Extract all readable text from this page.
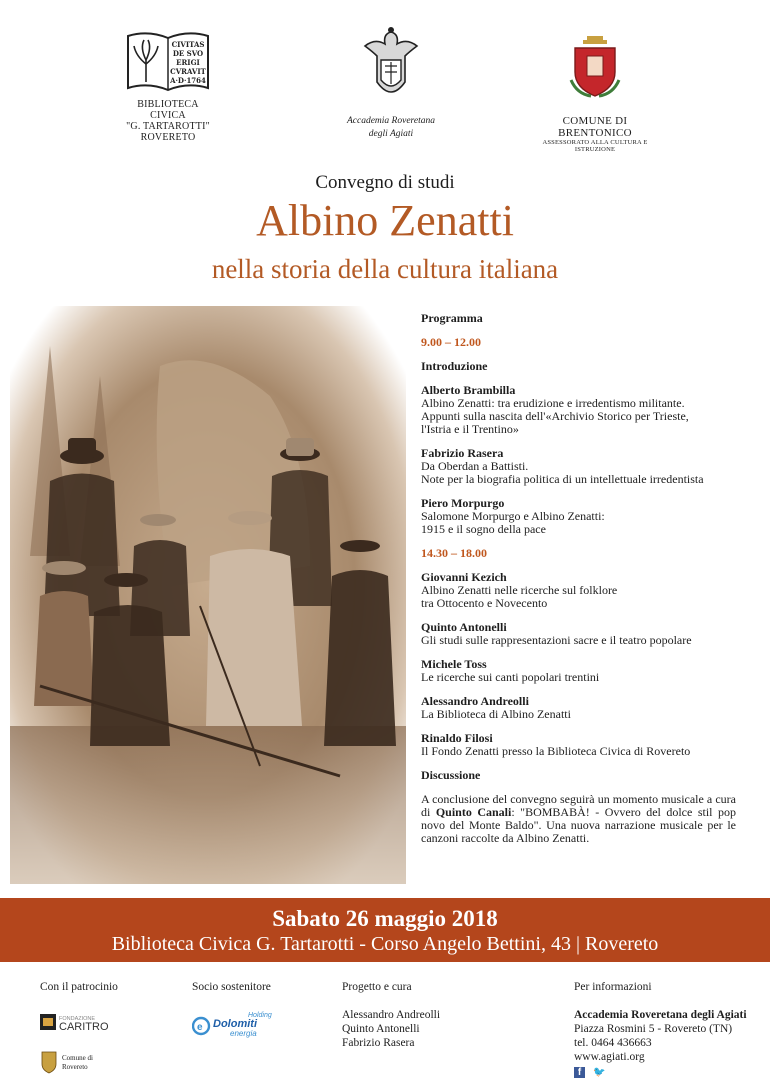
CIVITAS
DE SVO
ERIGI
CVRAVIT
A·D·1764
BIBLIOTECA CIVICA
"G. TARTAROTTI"
ROVERETO
Accademia Roveretana
degli Agiati
COMUNE DI BRENTONICO
ASSESSORATO ALLA CULTURA E ISTRUZIONE
Convegno di studi
Albino Zenatti
nella storia della cultura italiana
Programma
9.00 – 12.00
Introduzione
Alberto Brambilla
Albino Zenatti: tra erudizione e irredentismo militante.
Appunti sulla nascita dell'«Archivio Storico per Trieste,
l'Istria e il Trentino»
Fabrizio Rasera
Da Oberdan a Battisti.
Note per la biografia politica di un intellettuale irredentista
Piero Morpurgo
Salomone Morpurgo e Albino Zenatti:
1915 e il sogno della pace
14.30 – 18.00
Giovanni Kezich
Albino Zenatti nelle ricerche sul folklore
tra Ottocento e Novecento
Quinto Antonelli
Gli studi sulle rappresentazioni sacre e il teatro popolare
Michele Toss
Le ricerche sui canti popolari trentini
Alessandro Andreolli
La Biblioteca di Albino Zenatti
Rinaldo Filosi
Il Fondo Zenatti presso la Biblioteca Civica di Rovereto
Discussione
A conclusione del convegno seguirà un momento musicale a cura di Quinto Canali: "BOMBABÀ! - Ovvero del dolce stil pop novo del Monte Baldo". Una nuova narrazione musicale per le canzoni raccolte da Albino Zenatti.
Sabato 26 maggio 2018
Biblioteca Civica G. Tartarotti - Corso Angelo Bettini, 43 | Rovereto
Con il patrocinio
FONDAZIONE
CARITRO
Comune di
Rovereto
Socio sostenitore
e
Holding
Dolomiti
energia
Progetto e cura
Alessandro Andreolli
Quinto Antonelli
Fabrizio Rasera
Per informazioni
Accademia Roveretana degli Agiati
Piazza Rosmini 5 - Rovereto (TN)
tel. 0464 436663
www.agiati.org
f	🐦
